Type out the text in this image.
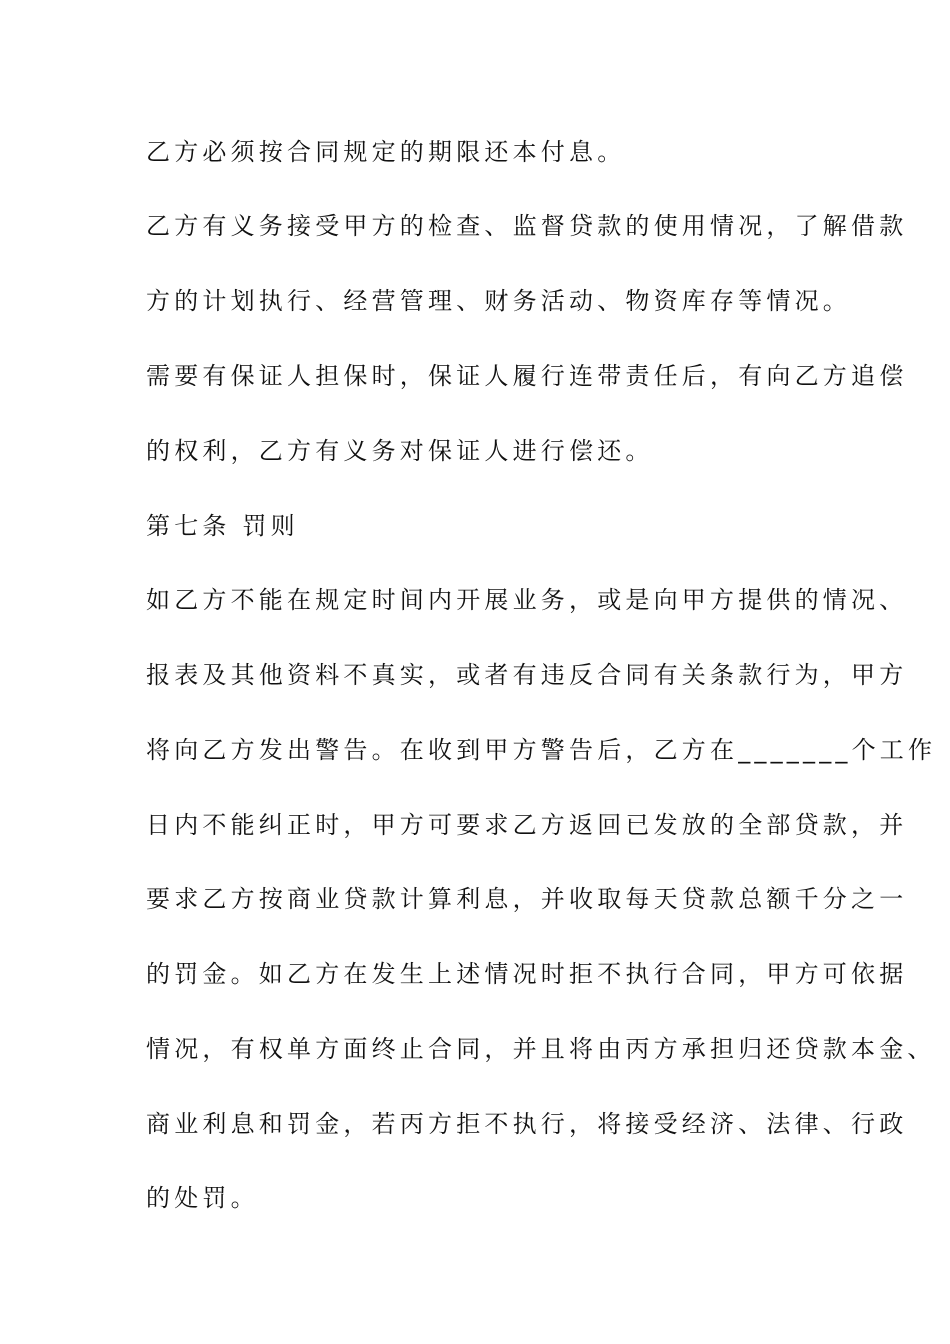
乙方必须按合同规定的期限还本付息。

乙方有义务接受甲方的检查、监督贷款的使用情况，了解借款

方的计划执行、经营管理、财务活动、物资库存等情况。

需要有保证人担保时，保证人履行连带责任后，有向乙方追偿

的权利，乙方有义务对保证人进行偿还。

第七条 罚则

如乙方不能在规定时间内开展业务，或是向甲方提供的情况、

报表及其他资料不真实，或者有违反合同有关条款行为，甲方

将向乙方发出警告。在收到甲方警告后，乙方在_______个工作

日内不能纠正时，甲方可要求乙方返回已发放的全部贷款，并

要求乙方按商业贷款计算利息，并收取每天贷款总额千分之一

的罚金。如乙方在发生上述情况时拒不执行合同，甲方可依据

情况，有权单方面终止合同，并且将由丙方承担归还贷款本金、

商业利息和罚金，若丙方拒不执行，将接受经济、法律、行政

的处罚。
